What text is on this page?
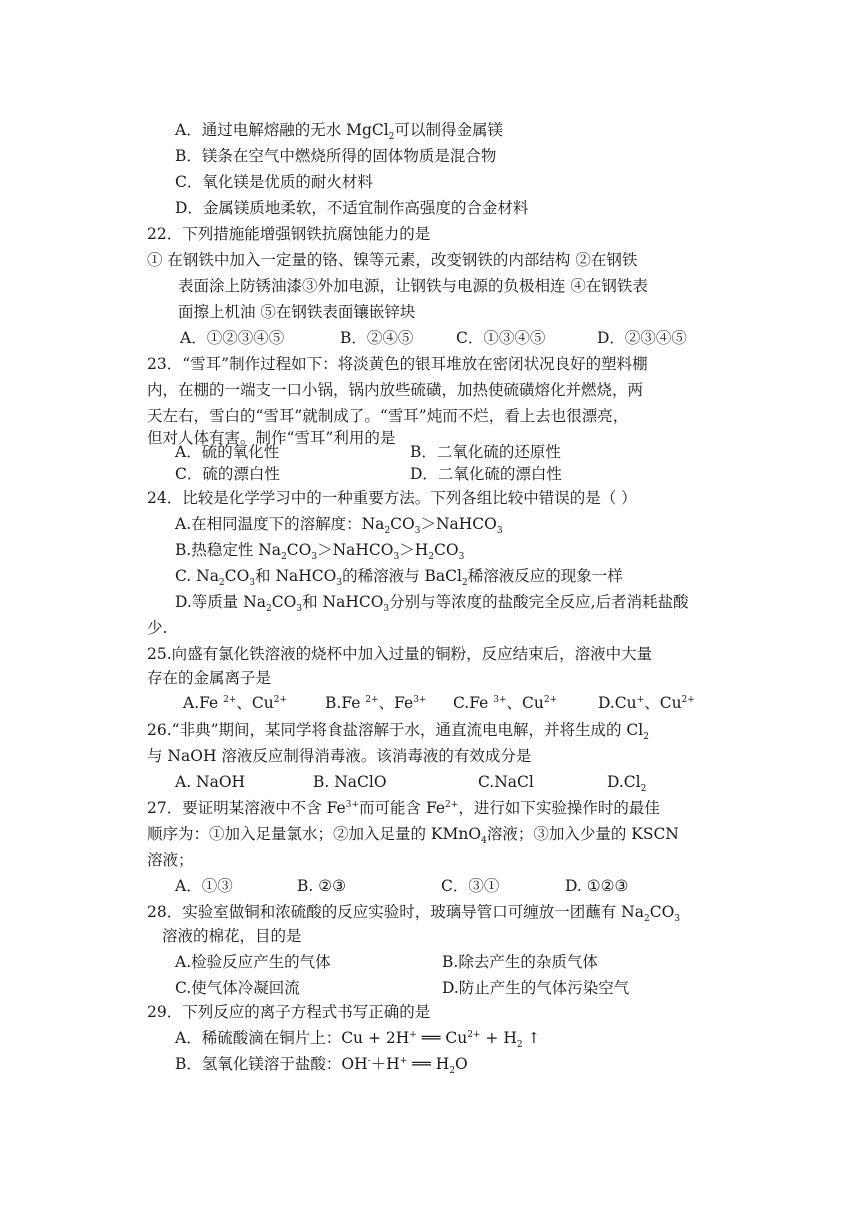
A．通过电解熔融的无水 MgCl$_2$可以制得金属镁
B．镁条在空气中燃烧所得的固体物质是混合物
C．氧化镁是优质的耐火材料
D．金属镁质地柔软，不适宜制作高强度的合金材料
22．下列措施能增强钢铁抗腐蚀能力的是
① 在钢铁中加入一定量的铬、镍等元素，改变钢铁的内部结构 ②在钢铁
表面涂上防锈油漆③外加电源，让钢铁与电源的负极相连 ④在钢铁表
面擦上机油 ⑤在钢铁表面镶嵌锌块
A．①②③④⑤	B．②④⑤	C．①③④⑤	D．②③④⑤
23．“雪耳”制作过程如下：将淡黄色的银耳堆放在密闭状况良好的塑料棚
内，在棚的一端支一口小锅，锅内放些硫磺，加热使硫磺熔化并燃烧，两
天左右，雪白的“雪耳”就制成了。“雪耳”炖而不烂，看上去也很漂亮，
但对人体有害。制作“雪耳”利用的是
A．硫的氧化性	B．二氧化硫的还原性
C．硫的漂白性	D．二氧化硫的漂白性
24．比较是化学学习中的一种重要方法。下列各组比较中错误的是（ ）
A.在相同温度下的溶解度：$Na_2CO_3>NaHCO_3$
B.热稳定性 $Na_2CO_3>NaHCO_3>H_2CO_3$
C. $Na_2CO_3$和 NaHCO$_3$的稀溶液与 BaCl$_2$稀溶液反应的现象一样
D.等质量 $Na_2CO_3$和 NaHCO$_3$分别与等浓度的盐酸完全反应,后者消耗盐酸
少.
25.向盛有氯化铁溶液的烧杯中加入过量的铜粉，反应结束后，溶液中大量
存在的金属离子是
A.Fe $^{2+}$、$Cu^{2+}$ B.Fe $^{2+}$、$Fe^{3+}$ C.Fe $^{3+}$、$Cu^{2+}$	D.Cu+、$Cu^{2+}$
26.“非典”期间，某同学将食盐溶解于水，通直流电电解，并将生成的 $Cl_2$
与 NaOH 溶液反应制得消毒液。该消毒液的有效成分是
A. NaOH	B. NaClO	C.NaCl	$D.Cl_2$
27．要证明某溶液中不含 $Fe^{3+}$而可能含 $Fe^{2+}$，进行如下实验操作时的最佳
顺序为：①加入足量氯水；②加入足量的 KMnO$_4$溶液；③加入少量的 KSCN
溶液；
A．①③	B. ②③	C．③①	D. ①②③
28．实验室做铜和浓硫酸的反应实验时，玻璃导管口可缠放一团蘸有 $Na_2CO_3$
溶液的棉花，目的是
A.检验反应产生的气体	B.除去产生的杂质气体
C.使气体冷凝回流	D.防止产生的气体污染空气
29．下列反应的离子方程式书写正确的是
A．稀硫酸滴在铜片上：Cu + 2H+ ══ $Cu^{2+} + H_2$ ↑
B．氢氧化镁溶于盐酸：OH-＋H+ ══ $H_2O$
